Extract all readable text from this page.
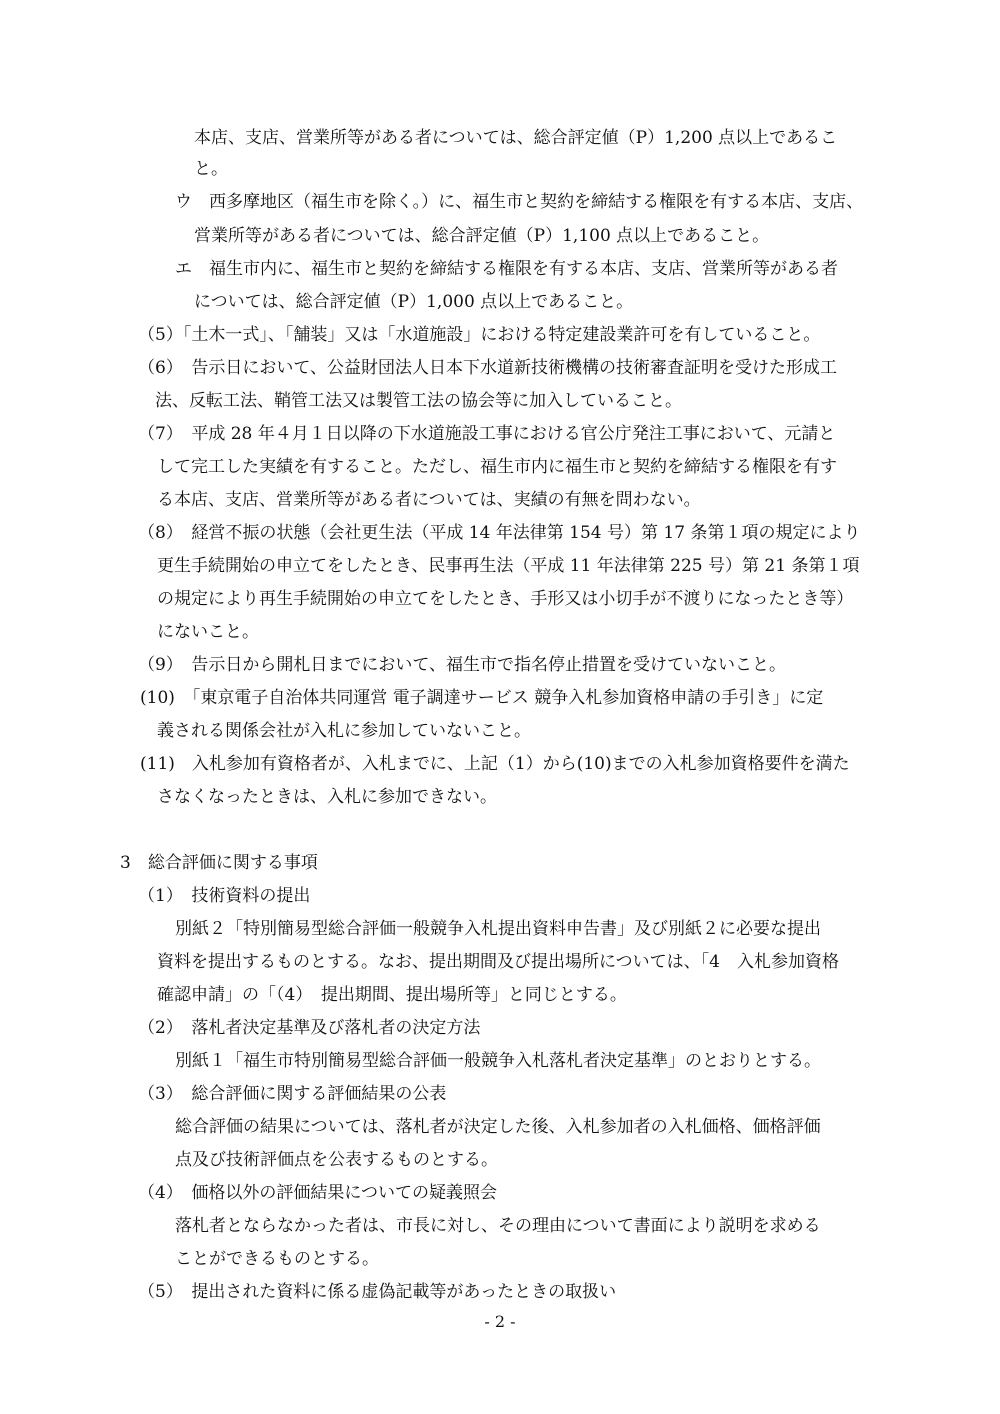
本店、支店、営業所等がある者については、総合評定値（P）1,200 点以上であるこ
と。
ウ　西多摩地区（福生市を除く。）に、福生市と契約を締結する権限を有する本店、支店、
営業所等がある者については、総合評定値（P）1,100 点以上であること。
エ　福生市内に、福生市と契約を締結する権限を有する本店、支店、営業所等がある者
については、総合評定値（P）1,000 点以上であること。
（5）「土木一式」、「舗装」又は「水道施設」における特定建設業許可を有していること。
（6）　告示日において、公益財団法人日本下水道新技術機構の技術審査証明を受けた形成工
法、反転工法、鞘管工法又は製管工法の協会等に加入していること。
（7）　平成 28 年４月１日以降の下水道施設工事における官公庁発注工事において、元請と
して完工した実績を有すること。ただし、福生市内に福生市と契約を締結する権限を有す
る本店、支店、営業所等がある者については、実績の有無を問わない。
（8）　経営不振の状態（会社更生法（平成 14 年法律第 154 号）第 17 条第１項の規定により
更生手続開始の申立てをしたとき、民事再生法（平成 11 年法律第 225 号）第 21 条第１項
の規定により再生手続開始の申立てをしたとき、手形又は小切手が不渡りになったとき等）
にないこと。
（9）　告示日から開札日までにおいて、福生市で指名停止措置を受けていないこと。
(10)　「東京電子自治体共同運営 電子調達サービス 競争入札参加資格申請の手引き」に定
義される関係会社が入札に参加していないこと。
(11)　入札参加有資格者が、入札までに、上記（1）から(10)までの入札参加資格要件を満た
さなくなったときは、入札に参加できない。
3　総合評価に関する事項
（1）　技術資料の提出
別紙２「特別簡易型総合評価一般競争入札提出資料申告書」及び別紙２に必要な提出
資料を提出するものとする。なお、提出期間及び提出場所については、「4　入札参加資格
確認申請」の「（4）　提出期間、提出場所等」と同じとする。
（2）　落札者決定基準及び落札者の決定方法
別紙１「福生市特別簡易型総合評価一般競争入札落札者決定基準」のとおりとする。
（3）　総合評価に関する評価結果の公表
総合評価の結果については、落札者が決定した後、入札参加者の入札価格、価格評価
点及び技術評価点を公表するものとする。
（4）　価格以外の評価結果についての疑義照会
落札者とならなかった者は、市長に対し、その理由について書面により説明を求める
ことができるものとする。
（5）　提出された資料に係る虚偽記載等があったときの取扱い
- 2 -
